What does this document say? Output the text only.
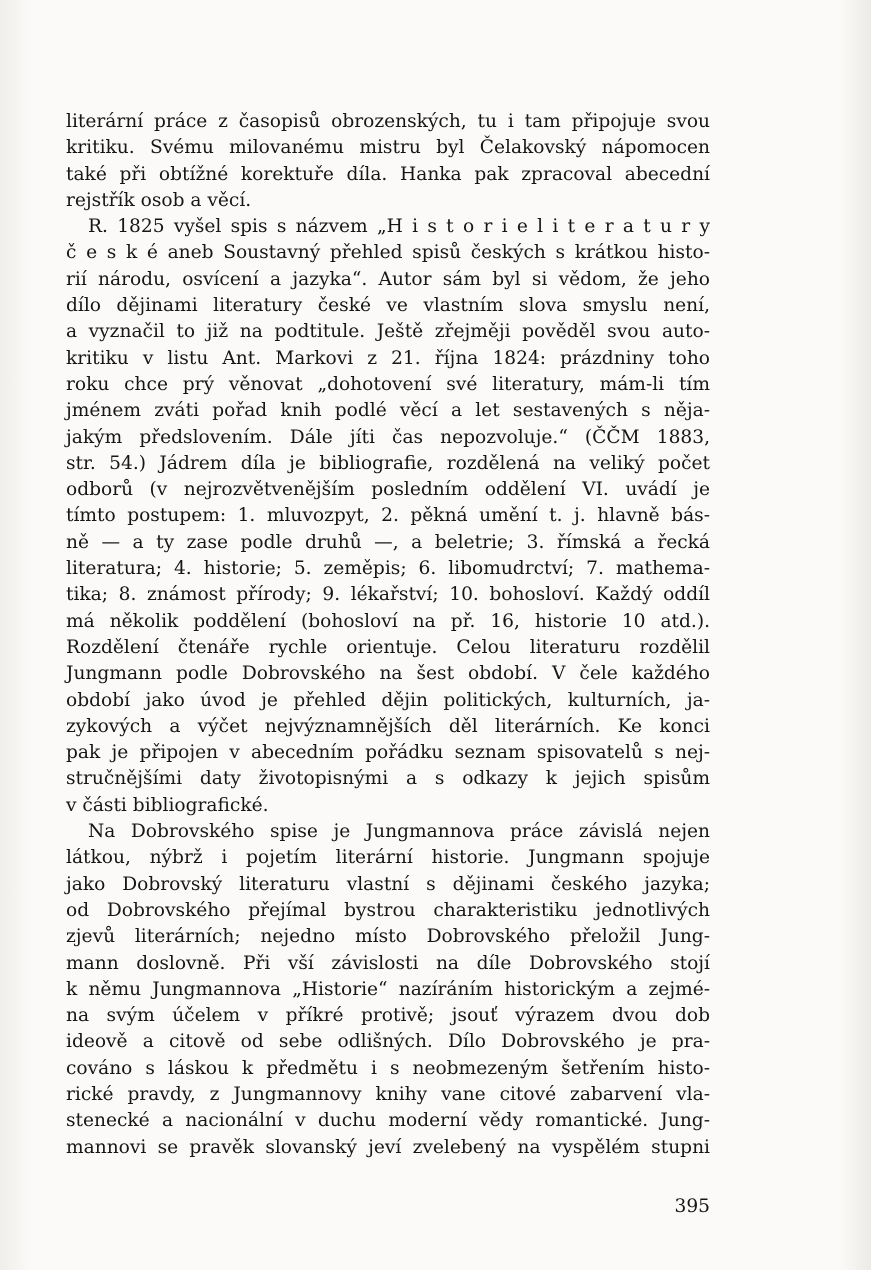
literární práce z časopisů obrozenských, tu i tam připojuje svou
kritiku. Svému milovanému mistru byl Čelakovský nápomocen
také při obtížné korektuře díla. Hanka pak zpracoval abecední
rejstřík osob a věcí.
R. 1825 vyšel spis s názvem „H i s t o r i e l i t e r a t u r y
č e s k é aneb Soustavný přehled spisů českých s krátkou histo-
rií národu, osvícení a jazyka“. Autor sám byl si vědom, že jeho
dílo dějinami literatury české ve vlastním slova smyslu není,
a vyznačil to již na podtitule. Ještě zřejměji pověděl svou auto-
kritiku v listu Ant. Markovi z 21. října 1824: prázdniny toho
roku chce prý věnovat „dohotovení své literatury, mám-li tím
jménem zváti pořad knih podlé věcí a let sestavených s něja-
jakým předslovením. Dále jíti čas nepozvoluje.“ (ČČM 1883,
str. 54.) Jádrem díla je bibliografie, rozdělená na veliký počet
odborů (v nejrozvětvenějším posledním oddělení VI. uvádí je
tímto postupem: 1. mluvozpyt, 2. pěkná umění t. j. hlavně bás-
ně — a ty zase podle druhů —, a beletrie; 3. římská a řecká
literatura; 4. historie; 5. zeměpis; 6. libomudrctví; 7. mathema-
tika; 8. známost přírody; 9. lékařství; 10. bohosloví. Každý oddíl
má několik poddělení (bohosloví na př. 16, historie 10 atd.).
Rozdělení čtenáře rychle orientuje. Celou literaturu rozdělil
Jungmann podle Dobrovského na šest období. V čele každého
období jako úvod je přehled dějin politických, kulturních, ja-
zykových a výčet nejvýznamnějších děl literárních. Ke konci
pak je připojen v abecedním pořádku seznam spisovatelů s nej-
stručnějšími daty životopisnými a s odkazy k jejich spisům
v části bibliografické.
Na Dobrovského spise je Jungmannova práce závislá nejen
látkou, nýbrž i pojetím literární historie. Jungmann spojuje
jako Dobrovský literaturu vlastní s dějinami českého jazyka;
od Dobrovského přejímal bystrou charakteristiku jednotlivých
zjevů literárních; nejedno místo Dobrovského přeložil Jung-
mann doslovně. Při vší závislosti na díle Dobrovského stojí
k němu Jungmannova „Historie“ nazíráním historickým a zejmé-
na svým účelem v příkré protivě; jsouť výrazem dvou dob
ideově a citově od sebe odlišných. Dílo Dobrovského je pra-
cováno s láskou k předmětu i s neobmezeným šetřením histo-
rické pravdy, z Jungmannovy knihy vane citové zabarvení vla-
stenecké a nacionální v duchu moderní vědy romantické. Jung-
mannovi se pravěk slovanský jeví zvelebený na vyspělém stupni
395
